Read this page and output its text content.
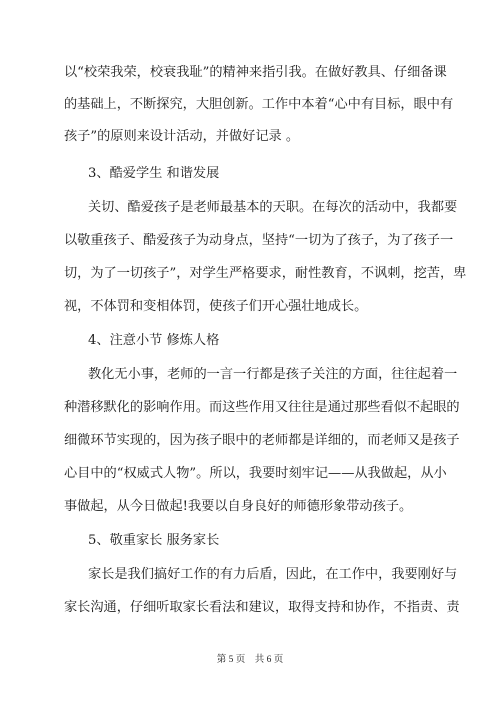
以“校荣我荣，校衰我耻”的精神来指引我。在做好教具、仔细备课
的基础上，不断探究，大胆创新。工作中本着“心中有目标，眼中有
孩子”的原则来设计活动，并做好记录 。
3、酷爱学生 和谐发展
关切、酷爱孩子是老师最基本的天职。在每次的活动中，我都要
以敬重孩子、酷爱孩子为动身点，坚持“一切为了孩子，为了孩子一
切，为了一切孩子”，对学生严格要求，耐性教育，不讽刺，挖苦，卑
视，不体罚和变相体罚，使孩子们开心强壮地成长。
4、注意小节 修炼人格
教化无小事，老师的一言一行都是孩子关注的方面，往往起着一
种潜移默化的影响作用。而这些作用又往往是通过那些看似不起眼的
细微环节实现的，因为孩子眼中的老师都是详细的，而老师又是孩子
心目中的“权威式人物”。所以，我要时刻牢记——从我做起，从小
事做起，从今日做起!我要以自身良好的师德形象带动孩子。
5、敬重家长 服务家长
家长是我们搞好工作的有力后盾，因此，在工作中，我要刚好与
家长沟通，仔细听取家长看法和建议，取得支持和协作，不指责、责
第 5 页　共 6 页
